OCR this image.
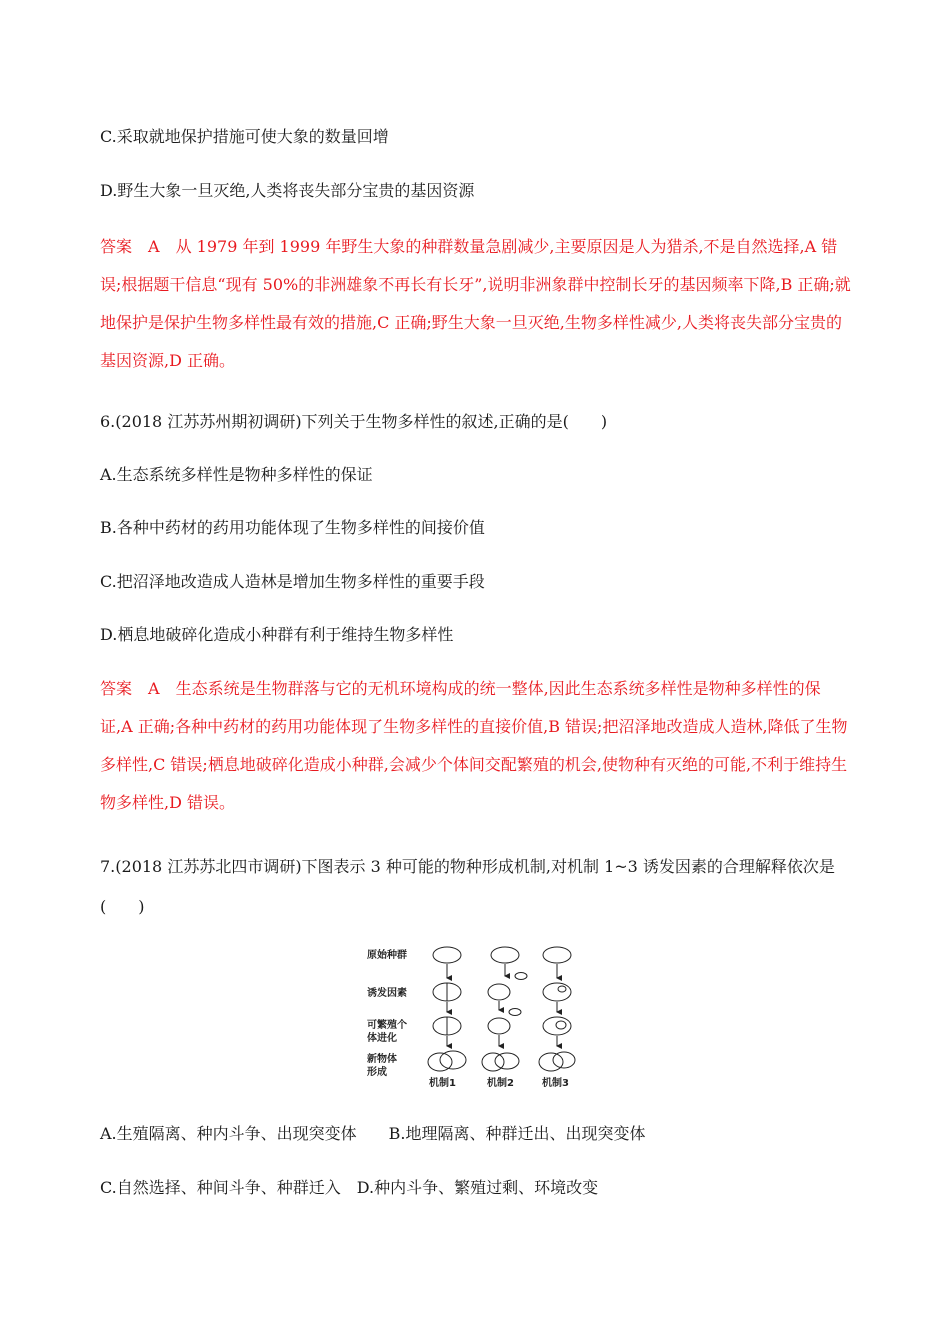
C.采取就地保护措施可使大象的数量回增
D.野生大象一旦灭绝,人类将丧失部分宝贵的基因资源
答案 A 从 1979 年到 1999 年野生大象的种群数量急剧减少,主要原因是人为猎杀,不是自然选择,A 错误;根据题干信息“现有 50%的非洲雄象不再长有长牙”,说明非洲象群中控制长牙的基因频率下降,B 正确;就地保护是保护生物多样性最有效的措施,C 正确;野生大象一旦灭绝,生物多样性减少,人类将丧失部分宝贵的基因资源,D 正确。
6.(2018 江苏苏州期初调研)下列关于生物多样性的叙述,正确的是(　　)
A.生态系统多样性是物种多样性的保证
B.各种中药材的药用功能体现了生物多样性的间接价值
C.把沼泽地改造成人造林是增加生物多样性的重要手段
D.栖息地破碎化造成小种群有利于维持生物多样性
答案 A 生态系统是生物群落与它的无机环境构成的统一整体,因此生态系统多样性是物种多样性的保证,A 正确;各种中药材的药用功能体现了生物多样性的直接价值,B 错误;把沼泽地改造成人造林,降低了生物多样性,C 错误;栖息地破碎化造成小种群,会减少个体间交配繁殖的机会,使物种有灭绝的可能,不利于维持生物多样性,D 错误。
7.(2018 江苏苏北四市调研)下图表示 3 种可能的物种形成机制,对机制 1~3 诱发因素的合理解释依次是
(　　)
原始种群
诱发因素
可繁殖个
体进化
新物体
形成
机制1	机制2	机制3
A.生殖隔离、种内斗争、出现突变体　　B.地理隔离、种群迁出、出现突变体
C.自然选择、种间斗争、种群迁入　D.种内斗争、繁殖过剩、环境改变
